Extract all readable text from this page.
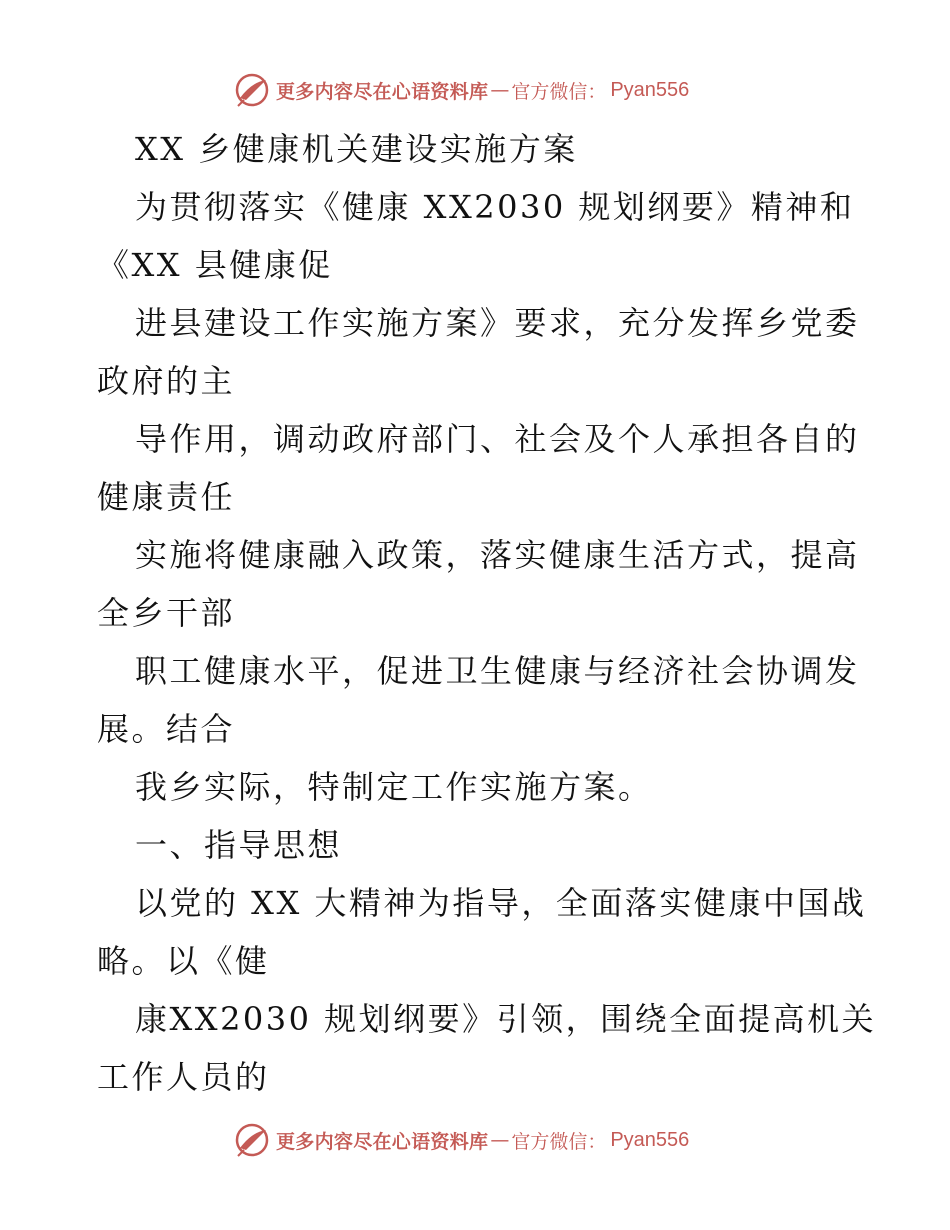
更多内容尽在心语资料库 — 官方微信： Pyan556
XX 乡健康机关建设实施方案
为贯彻落实《健康 XX2030 规划纲要》精神和
《XX 县健康促
进县建设工作实施方案》要求，充分发挥乡党委
政府的主
导作用，调动政府部门、社会及个人承担各自的
健康责任
实施将健康融入政策，落实健康生活方式，提高
全乡干部
职工健康水平，促进卫生健康与经济社会协调发
展。结合
我乡实际，特制定工作实施方案。
一、指导思想
以党的 XX 大精神为指导，全面落实健康中国战
略。以《健
康XX2030 规划纲要》引领，围绕全面提高机关
工作人员的
更多内容尽在心语资料库 — 官方微信： Pyan556
